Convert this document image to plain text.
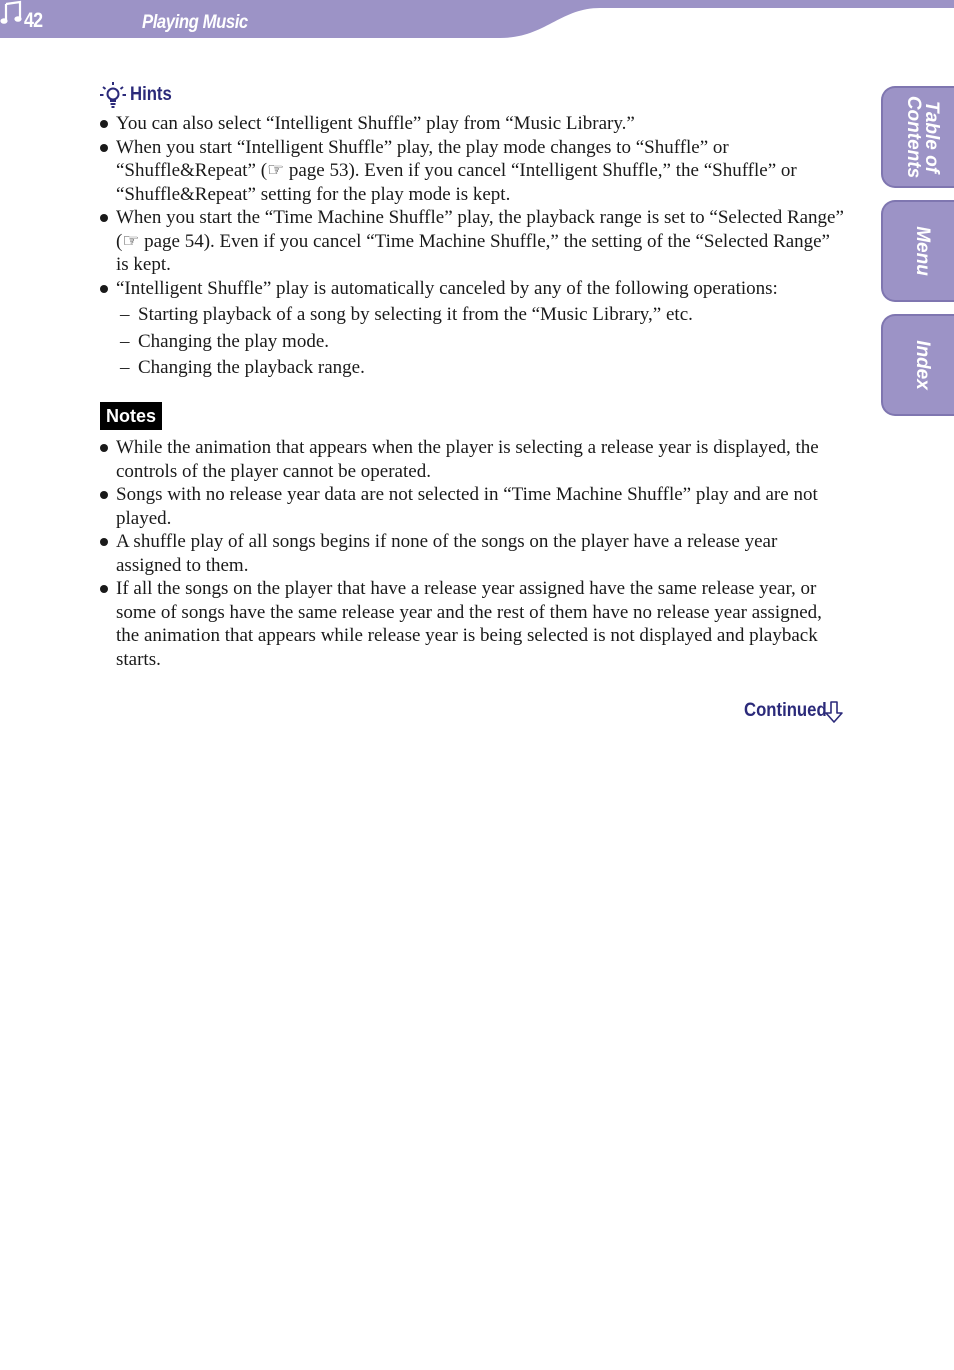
42	Playing Music
Table of
Contents
Menu
Index
Hints
You can also select “Intelligent Shuffle” play from “Music Library.”
When you start “Intelligent Shuffle” play, the play mode changes to “Shuffle” or “Shuffle&Repeat” (☞ page 53). Even if you cancel “Intelligent Shuffle,” the “Shuffle” or “Shuffle&Repeat” setting for the play mode is kept.
When you start the “Time Machine Shuffle” play, the playback range is set to “Selected Range” (☞ page 54). Even if you cancel “Time Machine Shuffle,” the setting of the “Selected Range” is kept.
“Intelligent Shuffle” play is automatically canceled by any of the following operations:
– Starting playback of a song by selecting it from the “Music Library,” etc.
– Changing the play mode.
– Changing the playback range.
Notes
While the animation that appears when the player is selecting a release year is displayed, the controls of the player cannot be operated.
Songs with no release year data are not selected in “Time Machine Shuffle” play and are not played.
A shuffle play of all songs begins if none of the songs on the player have a release year assigned to them.
If all the songs on the player that have a release year assigned have the same release year, or some of songs have the same release year and the rest of them have no release year assigned, the animation that appears while release year is being selected is not displayed and playback starts.
Continued
